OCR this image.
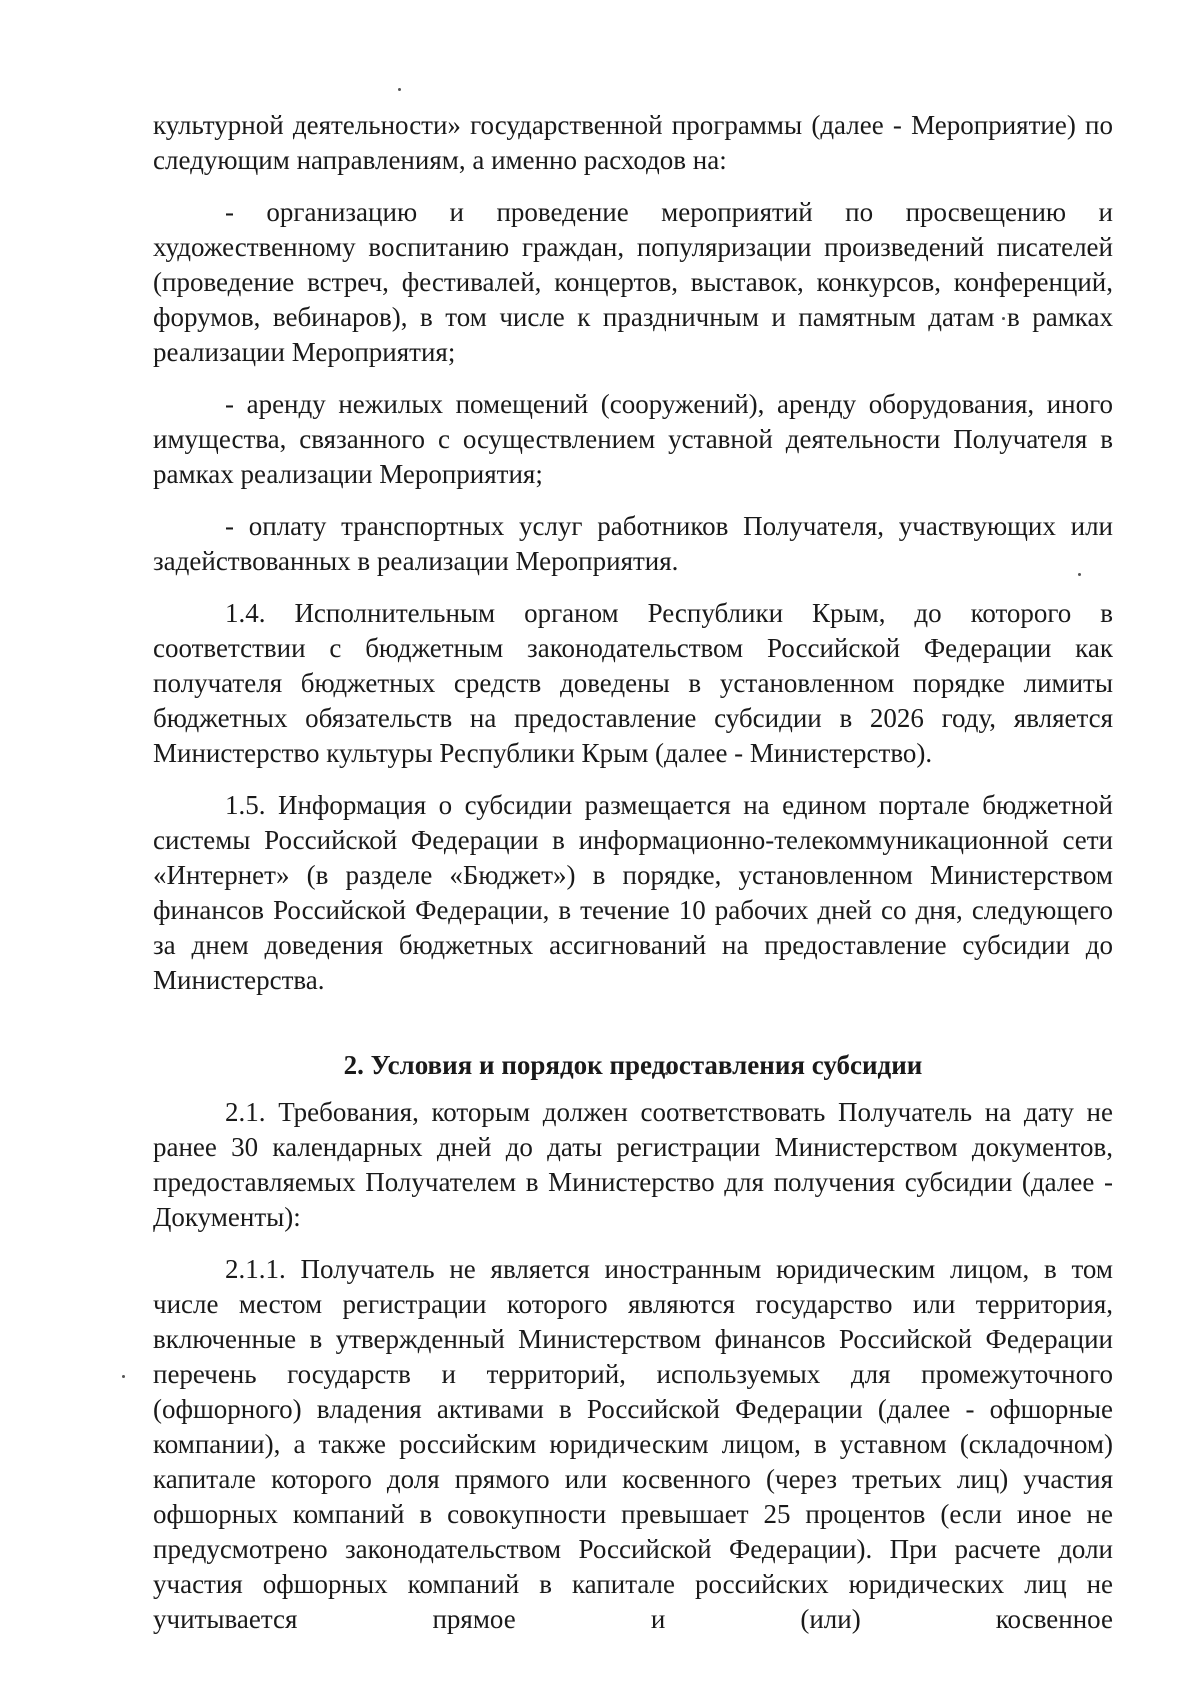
культурной деятельности» государственной программы (далее - Мероприятие) по следующим направлениям, а именно расходов на:

- организацию и проведение мероприятий по просвещению и художественному воспитанию граждан, популяризации произведений писателей (проведение встреч, фестивалей, концертов, выставок, конкурсов, конференций, форумов, вебинаров), в том числе к праздничным и памятным датам в рамках реализации Мероприятия;

- аренду нежилых помещений (сооружений), аренду оборудования, иного имущества, связанного с осуществлением уставной деятельности Получателя в рамках реализации Мероприятия;

- оплату транспортных услуг работников Получателя, участвующих или задействованных в реализации Мероприятия.

1.4. Исполнительным органом Республики Крым, до которого в соответствии с бюджетным законодательством Российской Федерации как получателя бюджетных средств доведены в установленном порядке лимиты бюджетных обязательств на предоставление субсидии в 2026 году, является Министерство культуры Республики Крым (далее - Министерство).

1.5. Информация о субсидии размещается на едином портале бюджетной системы Российской Федерации в информационно-телекоммуникационной сети «Интернет» (в разделе «Бюджет») в порядке, установленном Министерством финансов Российской Федерации, в течение 10 рабочих дней со дня, следующего за днем доведения бюджетных ассигнований на предоставление субсидии до Министерства.

2. Условия и порядок предоставления субсидии

2.1. Требования, которым должен соответствовать Получатель на дату не ранее 30 календарных дней до даты регистрации Министерством документов, предоставляемых Получателем в Министерство для получения субсидии (далее - Документы):

2.1.1. Получатель не является иностранным юридическим лицом, в том числе местом регистрации которого являются государство или территория, включенные в утвержденный Министерством финансов Российской Федерации перечень государств и территорий, используемых для промежуточного (офшорного) владения активами в Российской Федерации (далее - офшорные компании), а также российским юридическим лицом, в уставном (складочном) капитале которого доля прямого или косвенного (через третьих лиц) участия офшорных компаний в совокупности превышает 25 процентов (если иное не предусмотрено законодательством Российской Федерации). При расчете доли участия офшорных компаний в капитале российских юридических лиц не учитывается прямое и (или) косвенное
